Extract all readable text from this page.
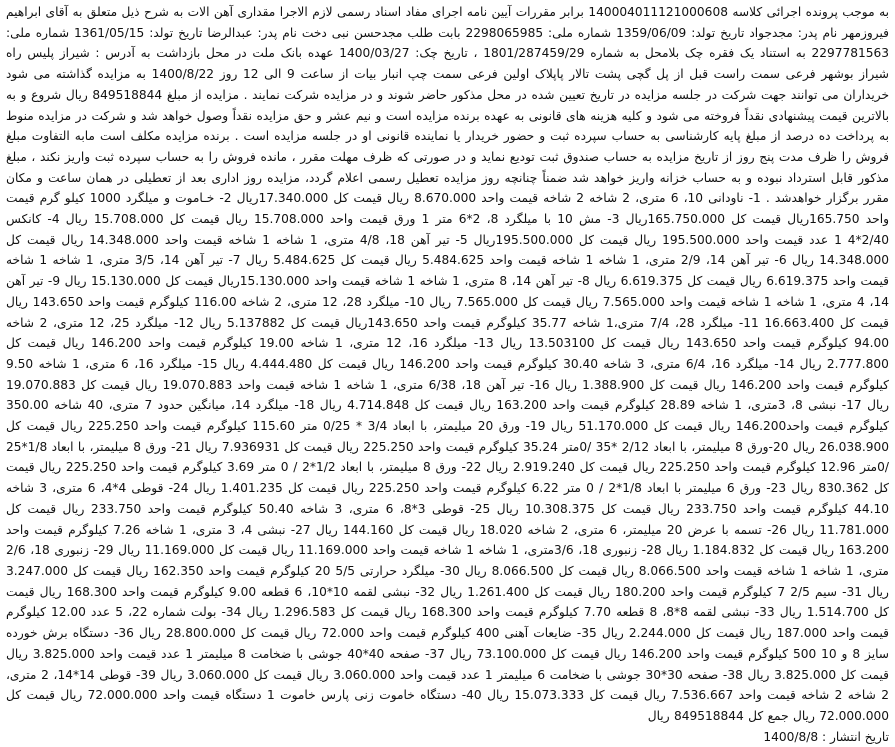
به موجب پرونده اجرائی کلاسه 140004011121000608 برابر مقررات آیین نامه اجرای مفاد اسناد رسمی لازم الاجرا مقداری آهن الات به شرح ذیل متعلق به آقای ابراهیم فیروزمهر نام پدر: مجدجواد تاریخ تولد: 1359/06/09 شماره ملی: 2298065985 بابت طلب مجدحسن نبی دخت نام پدر: عبدالرضا تاریخ تولد: 1361/05/15 شماره ملی: 2297781563 به استناد یک فقره چک بلامحل به شماره 1801/287459/29 ، تاریخ چک: 1400/03/27 عهده بانک ملت در محل بازداشت به آدرس : شیراز پلیس راه شیراز بوشهر فرعی سمت راست قبل از پل گچی پشت تالار پاپلاک اولین فرعی سمت چپ انبار بیات از ساعت 9 الی 12 روز 1400/8/22 به مزایده گذاشته می شود خریداران می توانند جهت شرکت در جلسه مزایده در تاریخ تعیین شده در محل مذکور حاضر شوند و در مزایده شرکت نمایند . مزایده از مبلغ 849518844 ریال شروع و به بالاترین قیمت پیشنهادی نقداً فروخته می شود و کلیه هزینه های قانونی به عهده برنده مزایده است و نیم عشر و حق مزایده نقداً وصول خواهد شد و شرکت در مزایده منوط به پرداخت ده درصد از مبلغ پایه کارشناسی به حساب سپرده ثبت و حضور خریدار یا نماینده قانونی او در جلسه مزایده است . برنده مزایده مکلف است مابه التفاوت مبلغ فروش را ظرف مدت پنج روز از تاریخ مزایده به حساب صندوق ثبت تودیع نماید و در صورتی که ظرف مهلت مقرر ، مانده فروش را به حساب سپرده ثبت واریز نکند ، مبلغ مذکور قابل استرداد نبوده و به حساب خزانه واریز خواهد شد ضمناً چنانچه روز مزایده تعطیل رسمی اعلام گردد، مزایده روز اداری بعد از تعطیلی در همان ساعت و مکان مقرر برگزار خواهدشد . 1- ناودانی 10، 6 متری، 2 شاخه 2 شاخه قیمت واحد 8.670.000 ریال قیمت کل 17.340.000ریال 2- خـاموت و میلگرد 1000 کیلو گرم قیمت واحد 165.750ریال قیمت کل 165.750.000ریال 3- مش 10 با میلگرد 8، 2*6 متر 1 ورق قیمت واحد 15.708.000 ریال قیمت کل 15.708.000 ریال 4- کانکس 2/40*4 1 عدد قیمت واحد 195.500.000 ریال قیمت کل 195.500.000ریال 5- تیر آهن 18، 4/8 متری، 1 شاخه 1 شاخه قیمت واحد 14.348.000 ریال قیمت کل 14.348.000 ریال 6- تیر آهن 14، 2/9 متری، 1 شاخه 1 شاخه قیمت واحد 5.484.625 ریال قیمت کل 5.484.625 ریال 7- تیر آهن 14، 3/5 متری، 1 شاخه 1 شاخه قیمت واحد 6.619.375 ریال قیمت کل 6.619.375 ریال 8- تیر آهن 14، 8 متری، 1 شاخه 1 شاخه قیمت واحد 15.130.000ریال قیمت کل 15.130.000 ریال 9- تیر آهن 14، 4 متری، 1 شاخه 1 شاخه قیمت واحد 7.565.000 ریال قیمت کل 7.565.000 ریال 10- میلگرد 28، 12 متری، 2 شاخه 116.00 کیلوگرم قیمت واحد 143.650 ریال قیمت کل 16.663.400 11- میلگرد 28، 7/4 متری،1 شاخه 35.77 کیلوگرم قیمت واحد 143.650ریال قیمت کل 5.137882 ریال 12- میلگرد 25، 12 متری، 2 شاخه 94.00 کیلوگرم قیمت واحد 143.650 ریال قیمت کل 13.503100 ریال 13- میلگرد 16، 12 متری، 1 شاخه 19.00 کیلوگرم قیمت واحد 146.200 ریال قیمت کل 2.777.800 ریال 14- میلگرد 16، 6/4 متری، 3 شاخه 30.40 کیلوگرم قیمت واحد 146.200 ریال قیمت کل 4.444.480 ریال 15- میلگرد 16، 6 متری، 1 شاخه 9.50 کیلوگرم قیمت واحد 146.200 ریال قیمت کل 1.388.900 ریال 16- تیر آهن 18، 6/38 متری، 1 شاخه 1 شاخه قیمت واحد 19.070.883 ریال قیمت کل 19.070.883 ریال 17- نبشی 8، 3متری، 1 شاخه 28.89 کیلوگرم قیمت واحد 163.200 ریال قیمت کل 4.714.848 ریال 18- میلگرد 14، میانگین حدود 7 متری، 40 شاخه 350.00 کیلوگرم قیمت واحد146.200 ریال قیمت کل 51.170.000 ریال 19- ورق 20 میلیمتر، با ابعاد 3/4 * 0/25 متر 115.60 کیلوگرم قیمت واحد 225.250 ریال قیمت کل 26.038.900 ریال 20-ورق 8 میلیمتر، با ابعاد 2/12 *35 /0متر 35.24 کیلوگرم قیمت واحد 225.250 ریال قیمت کل 7.936931 ریال 21- ورق 8 میلیمتر، با ابعاد 1/8*25 /0متر 12.96 کیلوگرم قیمت واحد 225.250 ریال قیمت کل 2.919.240 ریال 22- ورق 8 میلیمتر، با ابعاد 1/2*2 / 0 متر 3.69 کیلوگرم قیمت واحد 225.250 ریال قیمت کل 830.362 ریال 23- ورق 6 میلیمتر با ابعاد 1/8*2 / 0 متر 6.22 کیلوگرم قیمت واحد 225.250 ریال قیمت کل 1.401.235 ریال 24- قوطی 4*4، 6 متری، 3 شاخه 44.10 کیلوگرم قیمت واحد 233.750 ریال قیمت کل 10.308.375 ریال 25- قوطی 3*8، 6 متری، 3 شاخه 50.40 کیلوگرم قیمت واحد 233.750 ریال قیمت کل 11.781.000 ریال 26- تسمه با عرض 20 میلیمتر، 6 متری، 2 شاخه 18.020 ریال قیمت کل 144.160 ریال 27- نبشی 4، 3 متری، 1 شاخه 7.26 کیلوگرم قیمت واحد 163.200 ریال قیمت کل 1.184.832 ریال 28- زنبوری 18، 3/6متری، 1 شاخه 1 شاخه قیمت واحد 11.169.000 ریال قیمت کل 11.169.000 ریال 29- زنبوری 18، 2/6 متری، 1 شاخه 1 شاخه قیمت واحد 8.066.500 ریال قیمت کل 8.066.500 ریال 30- میلگرد حرارتی 5/5 20 کیلوگرم قیمت واحد 162.350 ریال قیمت کل 3.247.000 ریال 31- سیم 2/5 7 کیلوگرم قیمت واحد 180.200 ریال قیمت کل 1.261.400 ریال 32- نبشی لقمه 10*10، 6 قطعه 9.00 کیلوگرم قیمت واحد 168.300 ریال قیمت کل 1.514.700 ریال 33- نبشی لقمه 8*8، 8 قطعه 7.70 کیلوگرم قیمت واحد 168.300 ریال قیمت کل 1.296.583 ریال 34- بولت شماره 22، 5 عدد 12.00 کیلوگرم قیمت واحد 187.000 ریال قیمت کل 2.244.000 ریال 35- ضایعات آهنی 400 کیلوگرم قیمت واحد 72.000 ریال قیمت کل 28.800.000 ریال 36- دستگاه برش خورده سایز 8 و 10 500 کیلوگرم قیمت واحد 146.200 ریال قیمت کل 73.100.000 ریال 37- صفحه 40*40 جوشی با ضخامت 8 میلیمتر 1 عدد قیمت واحد 3.825.000 ریال قیمت کل 3.825.000 ریال 38- صفحه 30*30 جوشی با ضخامت 6 میلیمتر 1 عدد قیمت واحد 3.060.000 ریال قیمت کل 3.060.000 ریال 39- قوطی 14*14، 2 متری، 2 شاخه 2 شاخه قیمت واحد 7.536.667 ریال قیمت کل 15.073.333 ریال 40- دستگاه خاموت زنی پارس خاموت 1 دستگاه قیمت واحد 72.000.000 ریال قیمت کل 72.000.000 ریال جمع کل 849518844 ریال

تاریخ انتشار : 1400/8/8
